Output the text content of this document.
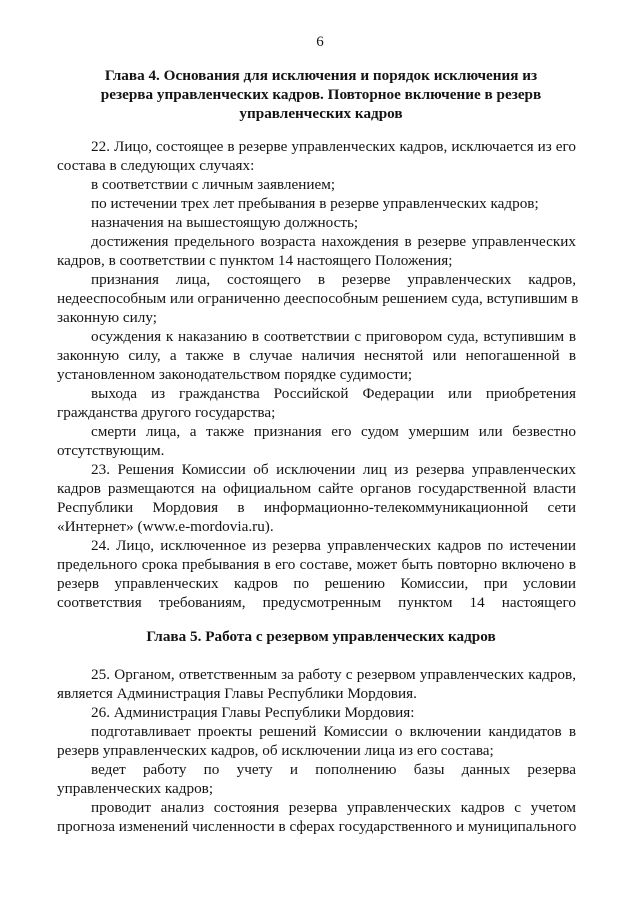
6
Глава 4. Основания для исключения и порядок исключения из
резерва управленческих кадров. Повторное включение в резерв
управленческих кадров
22. Лицо, состоящее в резерве управленческих кадров, исключается из его
состава в следующих случаях:
в соответствии с личным заявлением;
по истечении трех лет пребывания в резерве управленческих кадров;
назначения на вышестоящую должность;
достижения предельного возраста нахождения в резерве управленческих
кадров, в соответствии с пунктом 14 настоящего Положения;
признания лица, состоящего в резерве управленческих кадров,
недееспособным или ограниченно дееспособным решением суда, вступившим в
законную силу;
осуждения к наказанию в соответствии с приговором суда, вступившим в
законную силу, а также в случае наличия неснятой или непогашенной в
установленном законодательством порядке судимости;
выхода из гражданства Российской Федерации или приобретения
гражданства другого государства;
смерти лица, а также признания его судом умершим или безвестно
отсутствующим.
23. Решения Комиссии об исключении лиц из резерва управленческих
кадров размещаются на официальном сайте органов государственной власти
Республики Мордовия в информационно-телекоммуникационной сети
«Интернет» (www.e-mordovia.ru).
24. Лицо, исключенное из резерва управленческих кадров по истечении
предельного срока пребывания в его составе, может быть повторно включено в
резерв управленческих кадров по решению Комиссии, при условии
соответствия требованиям, предусмотренным пунктом 14 настоящего
Глава 5. Работа с резервом управленческих кадров
25. Органом, ответственным за работу с резервом управленческих кадров,
является Администрация Главы Республики Мордовия.
26. Администрация Главы Республики Мордовия:
подготавливает проекты решений Комиссии о включении кандидатов в
резерв управленческих кадров, об исключении лица из его состава;
ведет работу по учету и пополнению базы данных резерва
управленческих кадров;
проводит анализ состояния резерва управленческих кадров с учетом
прогноза изменений численности в сферах государственного и муниципального
